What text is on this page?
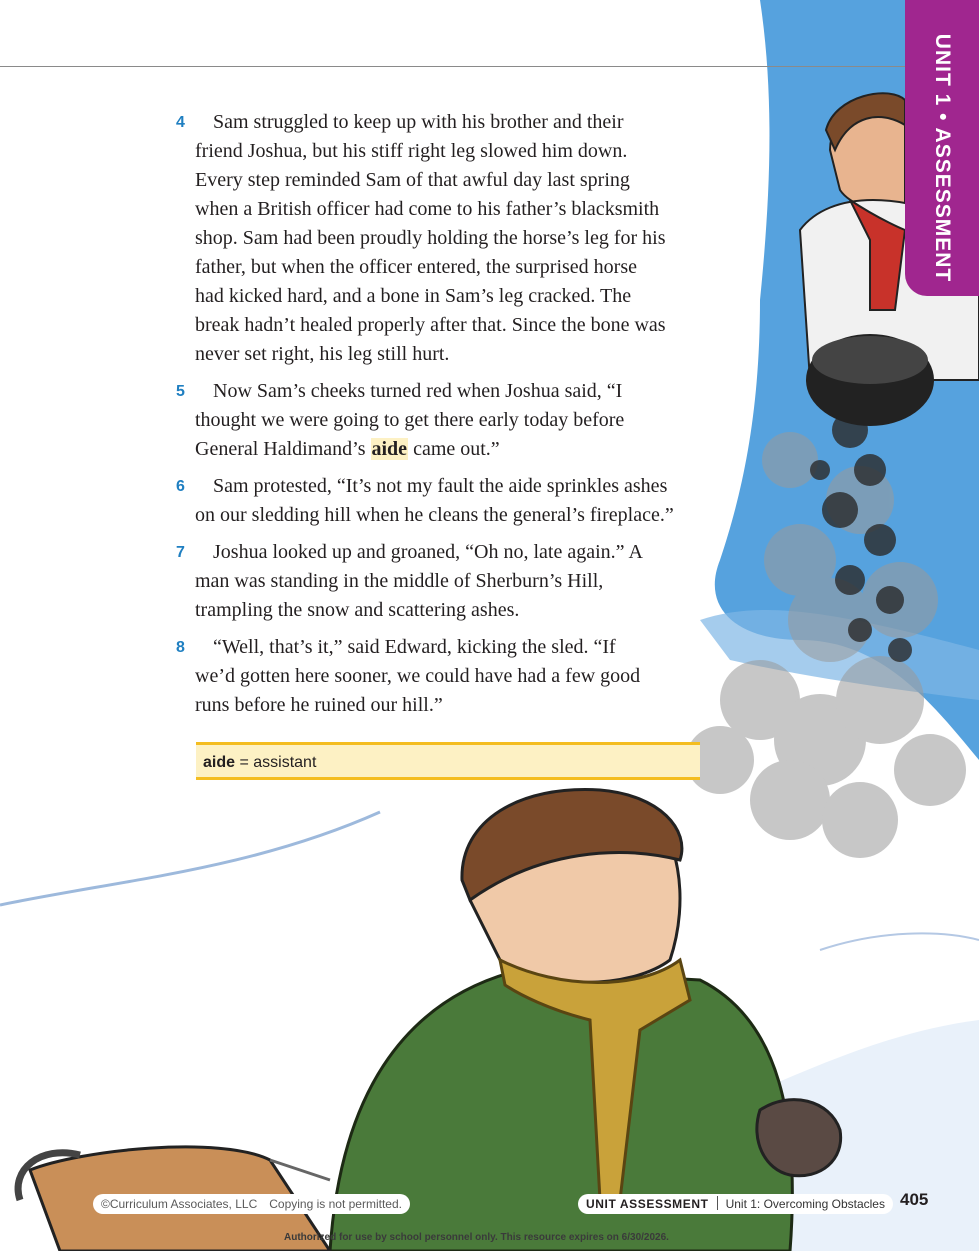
UNIT 1 • ASSESSMENT

4 Sam struggled to keep up with his brother and their
friend Joshua, but his stiff right leg slowed him down.
Every step reminded Sam of that awful day last spring
when a British officer had come to his father’s blacksmith
shop. Sam had been proudly holding the horse’s leg for his
father, but when the officer entered, the surprised horse
had kicked hard, and a bone in Sam’s leg cracked. The
break hadn’t healed properly after that. Since the bone was
never set right, his leg still hurt.

5 Now Sam’s cheeks turned red when Joshua said, “I
thought we were going to get there early today before
General Haldimand’s aide came out.”

6 Sam protested, “It’s not my fault the aide sprinkles ashes
on our sledding hill when he cleans the general’s fireplace.”

7 Joshua looked up and groaned, “Oh no, late again.” A
man was standing in the middle of Sherburn’s Hill,
trampling the snow and scattering ashes.

8 “Well, that’s it,” said Edward, kicking the sled. “If
we’d gotten here sooner, we could have had a few good
runs before he ruined our hill.”

aide = assistant
©Curriculum Associates, LLC Copying is not permitted.	UNIT ASSESSMENT Unit 1: Overcoming Obstacles 405
Authorized for use by school personnel only. This resource expires on 6/30/2026.
